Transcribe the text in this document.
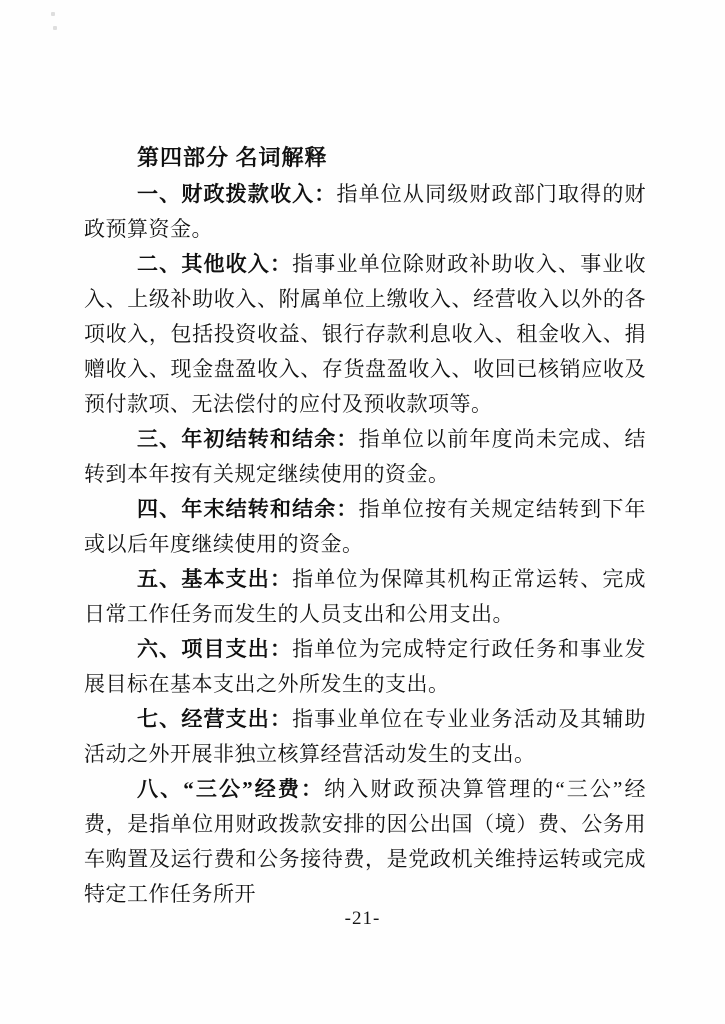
第四部分 名词解释

一、财政拨款收入：指单位从同级财政部门取得的财政预算资金。

二、其他收入：指事业单位除财政补助收入、事业收入、上级补助收入、附属单位上缴收入、经营收入以外的各项收入，包括投资收益、银行存款利息收入、租金收入、捐赠收入、现金盘盈收入、存货盘盈收入、收回已核销应收及预付款项、无法偿付的应付及预收款项等。

三、年初结转和结余：指单位以前年度尚未完成、结转到本年按有关规定继续使用的资金。

四、年末结转和结余：指单位按有关规定结转到下年或以后年度继续使用的资金。

五、基本支出：指单位为保障其机构正常运转、完成日常工作任务而发生的人员支出和公用支出。

六、项目支出：指单位为完成特定行政任务和事业发展目标在基本支出之外所发生的支出。

七、经营支出：指事业单位在专业业务活动及其辅助活动之外开展非独立核算经营活动发生的支出。

八、“三公”经费：纳入财政预决算管理的“三公”经费，是指单位用财政拨款安排的因公出国（境）费、公务用车购置及运行费和公务接待费，是党政机关维持运转或完成特定工作任务所开

-21-
